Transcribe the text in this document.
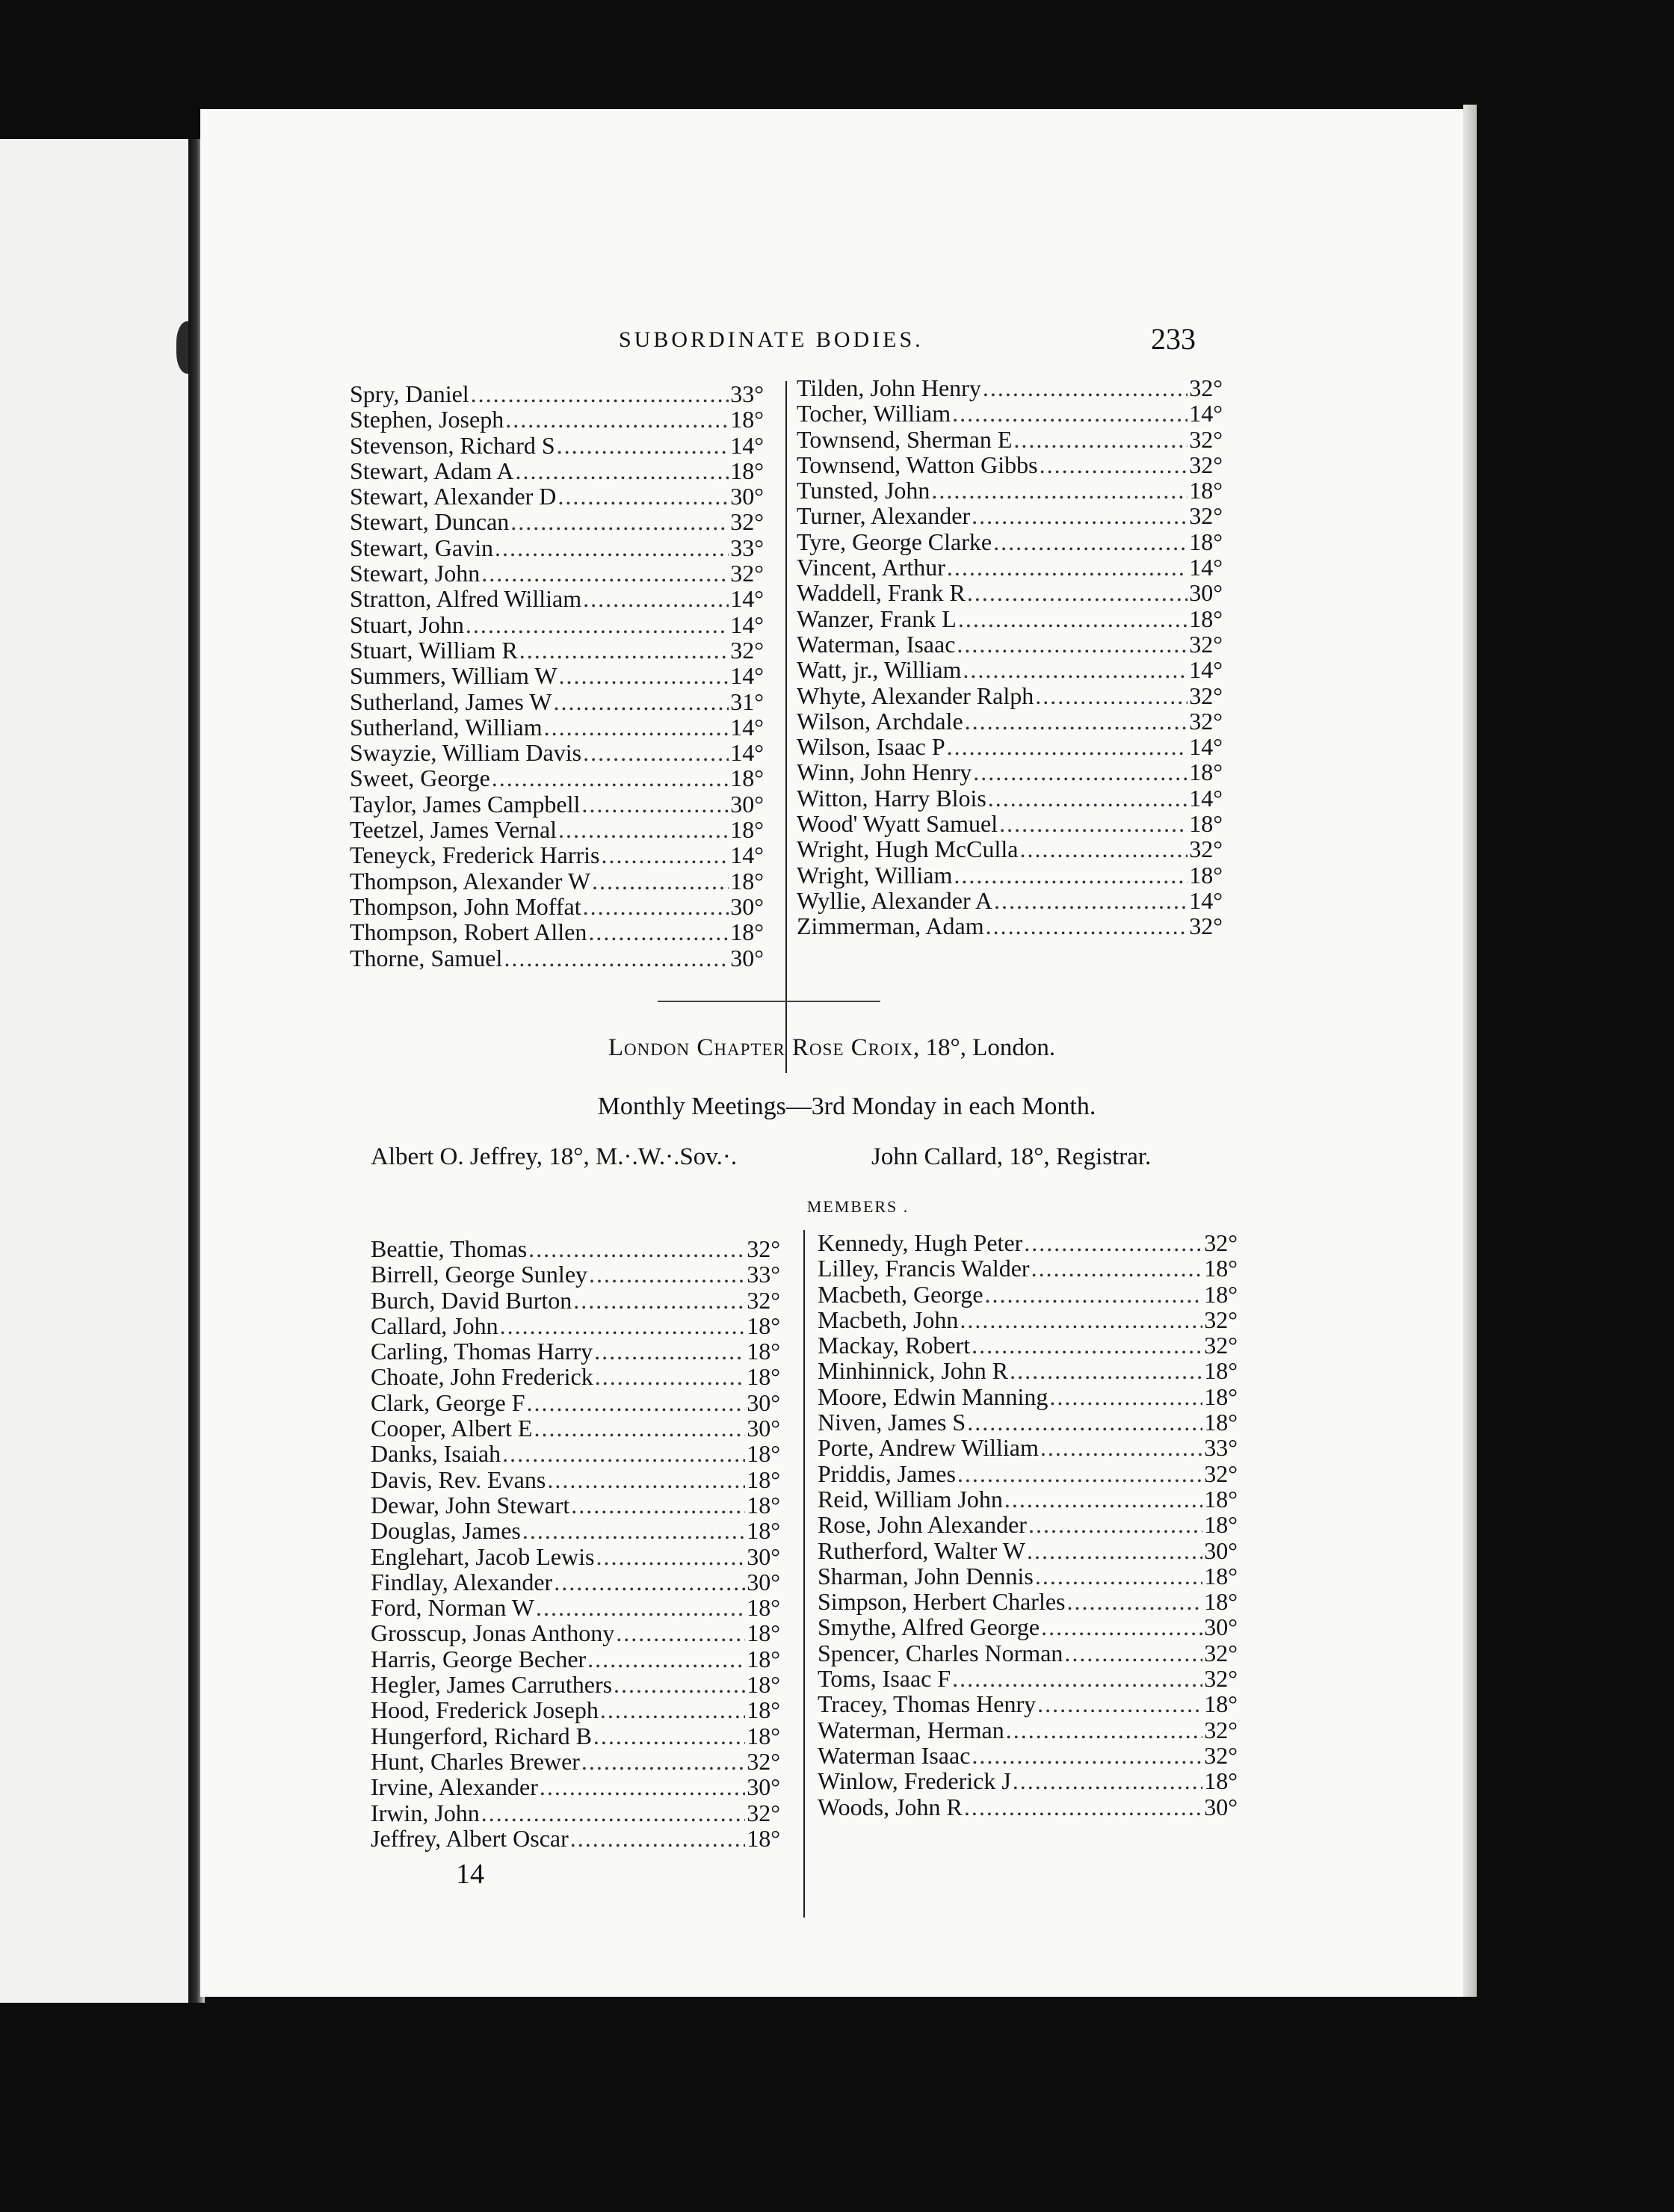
SUBORDINATE BODIES.	233
Spry, Daniel .....	33°
Stephen, Joseph .....	18°
Stevenson, Richard S .....	14°
Stewart, Adam A .....	18°
Stewart, Alexander D .....	30°
Stewart, Duncan .....	32°
Stewart, Gavin .....	33°
Stewart, John .....	32°
Stratton, Alfred William .....	14°
Stuart, John .....	14°
Stuart, William R .....	32°
Summers, William W .....	14°
Sutherland, James W .....	31°
Sutherland, William .....	14°
Swayzie, William Davis .....	14°
Sweet, George .....	18°
Taylor, James Campbell .....	30°
Teetzel, James Vernal .....	18°
Teneyck, Frederick Harris .....	14°
Thompson, Alexander W .....	18°
Thompson, John Moffat .....	30°
Thompson, Robert Allen .....	18°
Thorne, Samuel .....	30°
Tilden, John Henry .....	32°
Tocher, William .....	14°
Townsend, Sherman E .....	32°
Townsend, Watton Gibbs .....	32°
Tunsted, John .....	18°
Turner, Alexander .....	32°
Tyre, George Clarke .....	18°
Vincent, Arthur .....	14°
Waddell, Frank R .....	30°
Wanzer, Frank L .....	18°
Waterman, Isaac .....	32°
Watt, jr., William .....	14°
Whyte, Alexander Ralph .....	32°
Wilson, Archdale .....	32°
Wilson, Isaac P .....	14°
Winn, John Henry .....	18°
Witton, Harry Blois .....	14°
Wood' Wyatt Samuel .....	18°
Wright, Hugh McCulla .....	32°
Wright, William .....	18°
Wyllie, Alexander A .....	14°
Zimmerman, Adam .....	32°
London Chapter Rose Croix, 18°, London.
Monthly Meetings—3rd Monday in each Month.
Albert O. Jeffrey, 18°, M.·.W.·.Sov.·.	John Callard, 18°, Registrar.
MEMBERS .
Beattie, Thomas .....	32°
Birrell, George Sunley .....	33°
Burch, David Burton .....	32°
Callard, John .....	18°
Carling, Thomas Harry .....	18°
Choate, John Frederick .....	18°
Clark, George F .....	30°
Cooper, Albert E .....	30°
Danks, Isaiah .....	18°
Davis, Rev. Evans .....	18°
Dewar, John Stewart .....	18°
Douglas, James .....	18°
Englehart, Jacob Lewis .....	30°
Findlay, Alexander .....	30°
Ford, Norman W .....	18°
Grosscup, Jonas Anthony .....	18°
Harris, George Becher .....	18°
Hegler, James Carruthers .....	18°
Hood, Frederick Joseph .....	18°
Hungerford, Richard B .....	18°
Hunt, Charles Brewer .....	32°
Irvine, Alexander .....	30°
Irwin, John .....	32°
Jeffrey, Albert Oscar .....	18°
Kennedy, Hugh Peter .....	32°
Lilley, Francis Walder .....	18°
Macbeth, George .....	18°
Macbeth, John .....	32°
Mackay, Robert .....	32°
Minhinnick, John R .....	18°
Moore, Edwin Manning .....	18°
Niven, James S .....	18°
Porte, Andrew William .....	33°
Priddis, James .....	32°
Reid, William John .....	18°
Rose, John Alexander .....	18°
Rutherford, Walter W .....	30°
Sharman, John Dennis .....	18°
Simpson, Herbert Charles .....	18°
Smythe, Alfred George .....	30°
Spencer, Charles Norman .....	32°
Toms, Isaac F .....	32°
Tracey, Thomas Henry .....	18°
Waterman, Herman .....	32°
Waterman Isaac .....	32°
Winlow, Frederick J .....	18°
Woods, John R .....	30°
14
